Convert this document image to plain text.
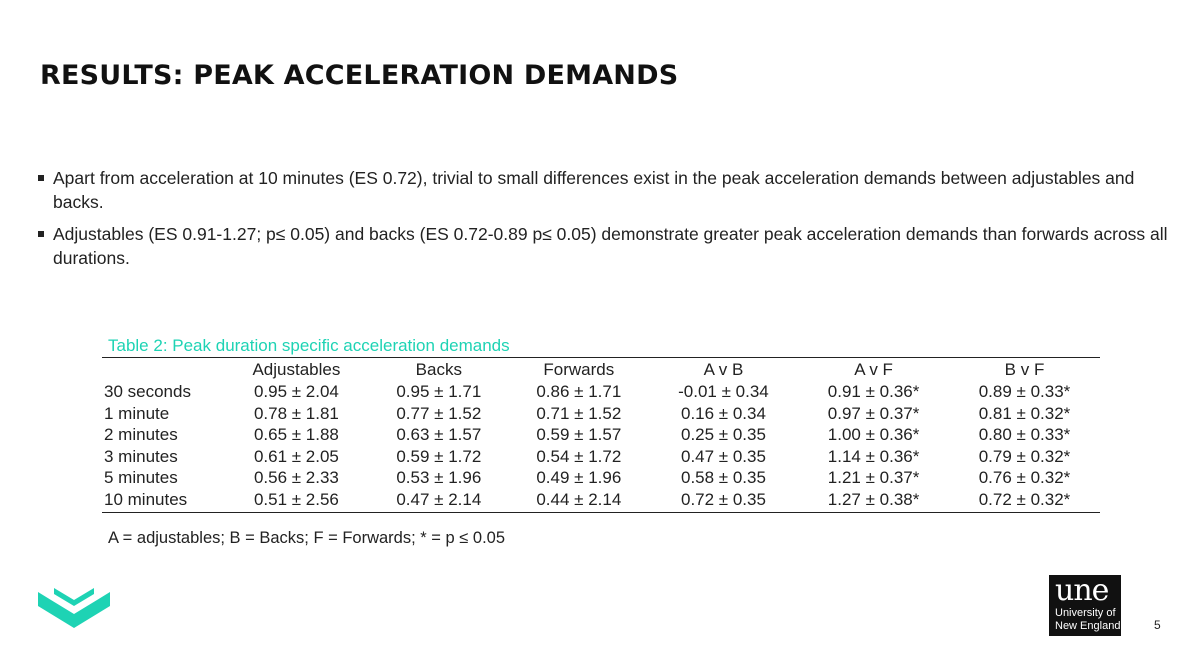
RESULTS: PEAK ACCELERATION DEMANDS
Apart from acceleration at 10 minutes (ES 0.72), trivial to small differences exist in the peak acceleration demands between adjustables and backs.
Adjustables (ES 0.91-1.27; p≤ 0.05) and backs (ES 0.72-0.89 p≤ 0.05) demonstrate greater peak acceleration demands than forwards across all durations.
Table 2: Peak duration specific acceleration demands
	Adjustables	Backs	Forwards	A v B	A v F	B v F
30 seconds	0.95 ± 2.04	0.95 ± 1.71	0.86 ± 1.71	-0.01 ± 0.34	0.91 ± 0.36*	0.89 ± 0.33*
1 minute	0.78 ± 1.81	0.77 ± 1.52	0.71 ± 1.52	0.16 ± 0.34	0.97 ± 0.37*	0.81 ± 0.32*
2 minutes	0.65 ± 1.88	0.63 ± 1.57	0.59 ± 1.57	0.25 ± 0.35	1.00 ± 0.36*	0.80 ± 0.33*
3 minutes	0.61 ± 2.05	0.59 ± 1.72	0.54 ± 1.72	0.47 ± 0.35	1.14 ± 0.36*	0.79 ± 0.32*
5 minutes	0.56 ± 2.33	0.53 ± 1.96	0.49 ± 1.96	0.58 ± 0.35	1.21 ± 0.37*	0.76 ± 0.32*
10 minutes	0.51 ± 2.56	0.47 ± 2.14	0.44 ± 2.14	0.72 ± 0.35	1.27 ± 0.38*	0.72 ± 0.32*
A = adjustables; B = Backs; F = Forwards; * = p ≤ 0.05
une
University of
New England	5
